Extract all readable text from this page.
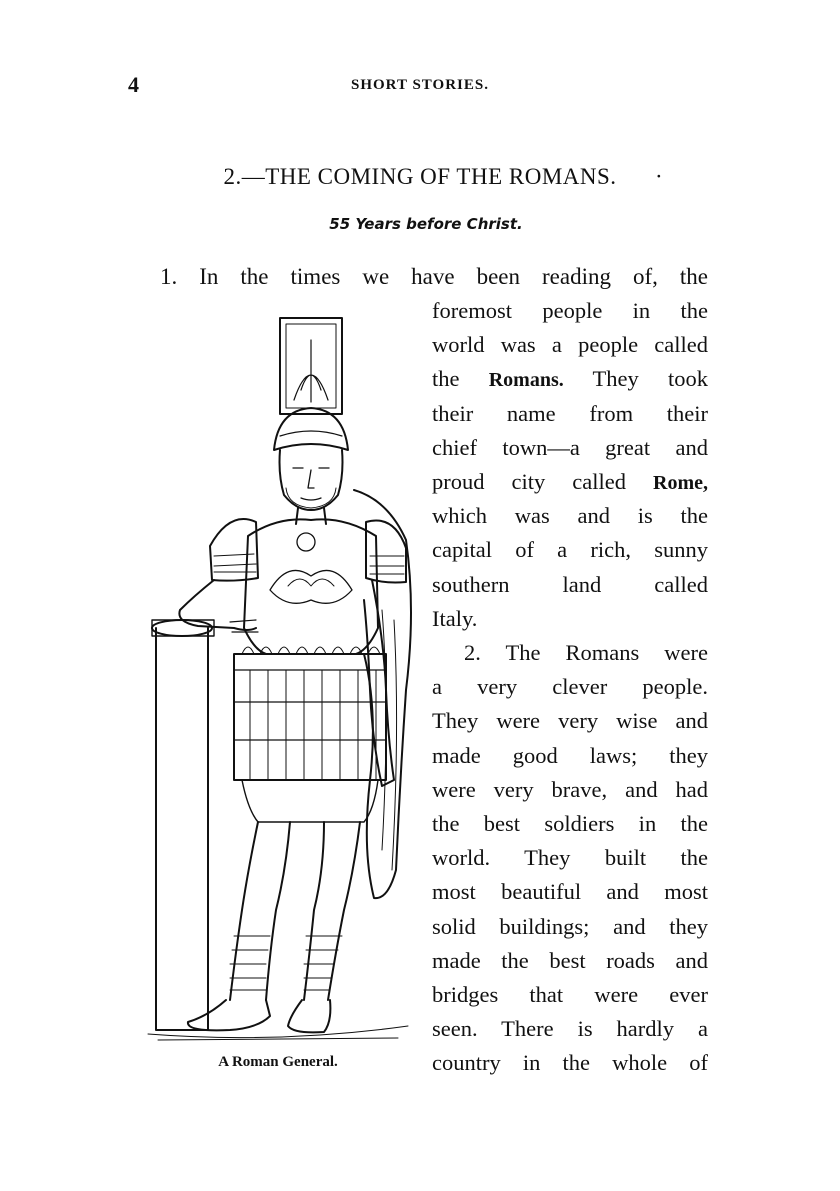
4	SHORT STORIES.
2.—THE COMING OF THE ROMANS. ·
55 Years before Christ.
1. In the times we have been reading of, the
foremost people in the
world was a people called
the Romans. They took
their name from their
chief town—a great and
proud city called Rome,
which was and is the
capital of a rich, sunny
southern land called
Italy.
2. The Romans were
a very clever people.
They were very wise and
made good laws; they
were very brave, and had
the best soldiers in the
world. They built the
most beautiful and most
solid buildings; and they
made the best roads and
bridges that were ever
seen. There is hardly a
country in the whole of
A Roman General.
